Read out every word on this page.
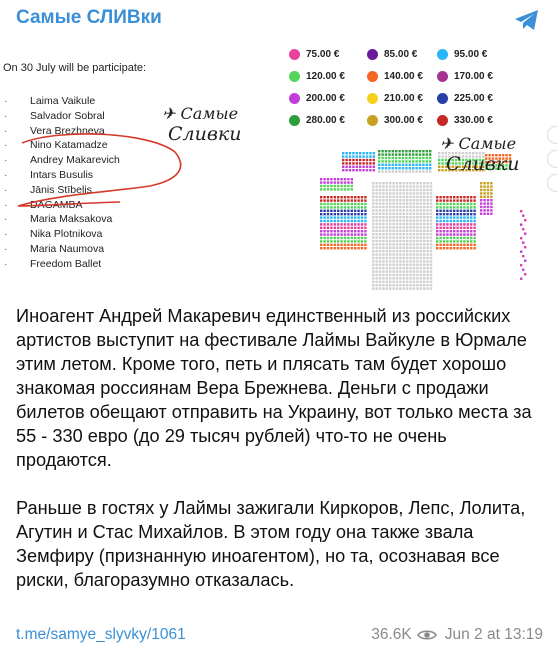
Самые СЛИВки
On 30 July will be participate:
· Laima Vaikule
· Salvador Sobral
· Vera Brezhneva
· Nino Katamadze
· Andrey Makarevich
· Intars Busulis
· Jānis Stībelis
· DAGAMBA
· Maria Maksakova
· Nika Plotnikova
· Maria Naumova
· Freedom Ballet
✈ Самые
Сливки
75.00 €	85.00 €	95.00 €
120.00 €	140.00 €	170.00 €
200.00 €	210.00 €	225.00 €
280.00 €	300.00 €	330.00 €
✈ Самые
Сливки

Иноагент Андрей Макаревич единственный из российских артистов выступит на фестивале Лаймы Вайкуле в Юрмале этим летом. Кроме того, петь и плясать там будет хорошо знакомая россиянам Вера Брежнева. Деньги с продажи билетов обещают отправить на Украину, вот только места за 55 - 330 евро (до 29 тысяч рублей) что-то не очень продаются.

Раньше в гостях у Лаймы зажигали Киркоров, Лепс, Лолита, Агутин и Стас Михайлов. В этом году она также звала Земфиру (признанную иноагентом), но та, осознавая все риски, благоразумно отказалась.

t.me/samye_slyvky/1061	36.6K Jun 2 at 13:19
